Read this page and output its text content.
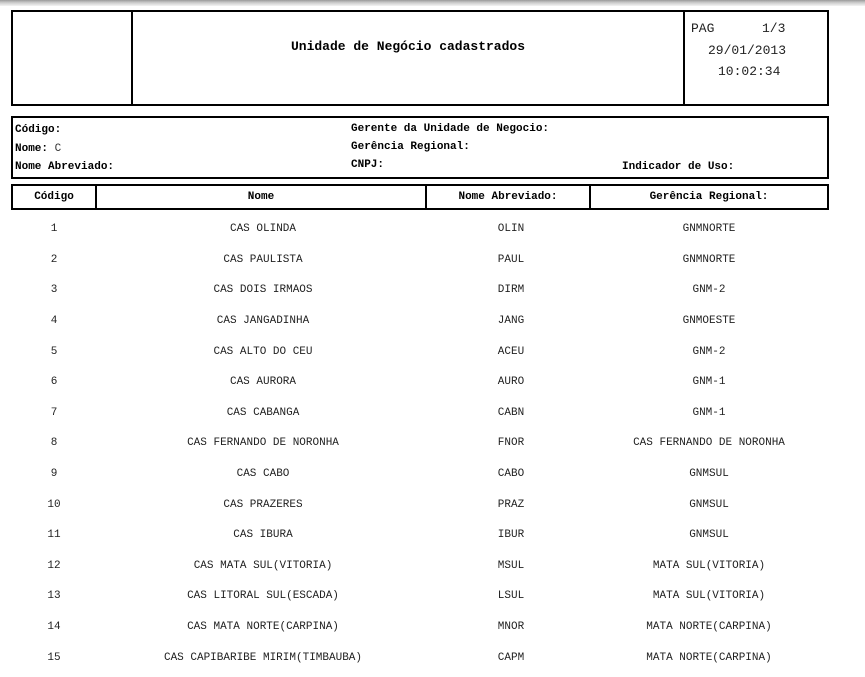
Unidade de Negócio cadastrados
PAG	1/3
29/01/2013
10:02:34
Código:
Nome: C
Nome Abreviado:
Gerente da Unidade de Negocio:
Gerência Regional:
CNPJ:	Indicador de Uso:
Código	Nome	Nome Abreviado:	Gerência Regional:
1	CAS OLINDA	OLIN	GNMNORTE
2	CAS PAULISTA	PAUL	GNMNORTE
3	CAS DOIS IRMAOS	DIRM	GNM-2
4	CAS JANGADINHA	JANG	GNMOESTE
5	CAS ALTO DO CEU	ACEU	GNM-2
6	CAS AURORA	AURO	GNM-1
7	CAS CABANGA	CABN	GNM-1
8	CAS FERNANDO DE NORONHA	FNOR	CAS FERNANDO DE NORONHA
9	CAS CABO	CABO	GNMSUL
10	CAS PRAZERES	PRAZ	GNMSUL
11	CAS IBURA	IBUR	GNMSUL
12	CAS MATA SUL(VITORIA)	MSUL	MATA SUL(VITORIA)
13	CAS LITORAL SUL(ESCADA)	LSUL	MATA SUL(VITORIA)
14	CAS MATA NORTE(CARPINA)	MNOR	MATA NORTE(CARPINA)
15	CAS CAPIBARIBE MIRIM(TIMBAUBA)	CAPM	MATA NORTE(CARPINA)
